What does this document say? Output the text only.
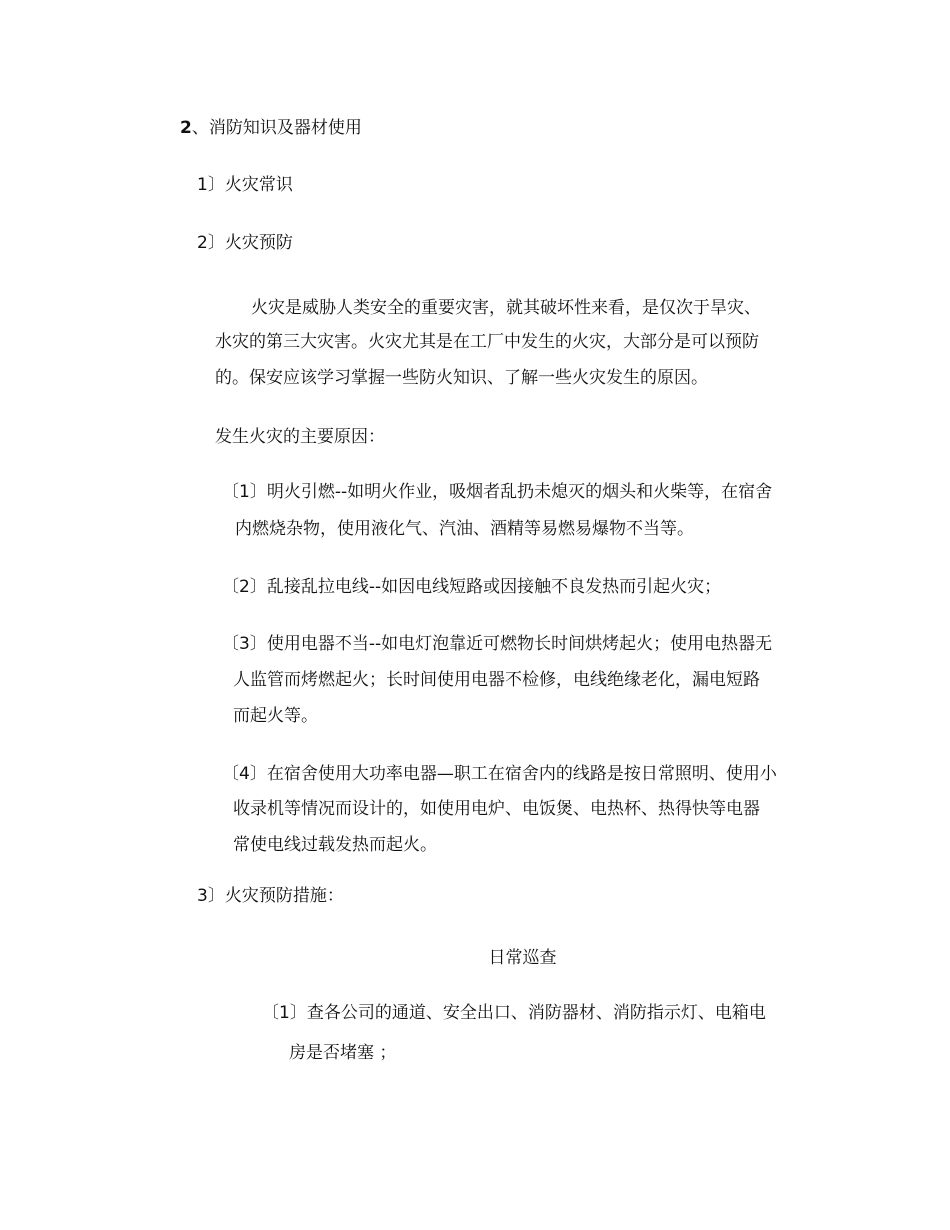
2、消防知识及器材使用
1〕火灾常识
2〕火灾预防
火灾是威胁人类安全的重要灾害，就其破坏性来看，是仅次于旱灾、
水灾的第三大灾害。火灾尤其是在工厂中发生的火灾，大部分是可以预防
的。保安应该学习掌握一些防火知识、了解一些火灾发生的原因。
发生火灾的主要原因：
〔1〕明火引燃--如明火作业，吸烟者乱扔未熄灭的烟头和火柴等，在宿舍
内燃烧杂物，使用液化气、汽油、酒精等易燃易爆物不当等。
〔2〕乱接乱拉电线--如因电线短路或因接触不良发热而引起火灾；
〔3〕使用电器不当--如电灯泡靠近可燃物长时间烘烤起火；使用电热器无
人监管而烤燃起火；长时间使用电器不检修，电线绝缘老化，漏电短路
而起火等。
〔4〕在宿舍使用大功率电器—职工在宿舍内的线路是按日常照明、使用小
收录机等情况而设计的，如使用电炉、电饭煲、电热杯、热得快等电器
常使电线过载发热而起火。
3〕火灾预防措施：
日常巡查
〔1〕查各公司的通道、安全出口、消防器材、消防指示灯、电箱电
房是否堵塞 ；
